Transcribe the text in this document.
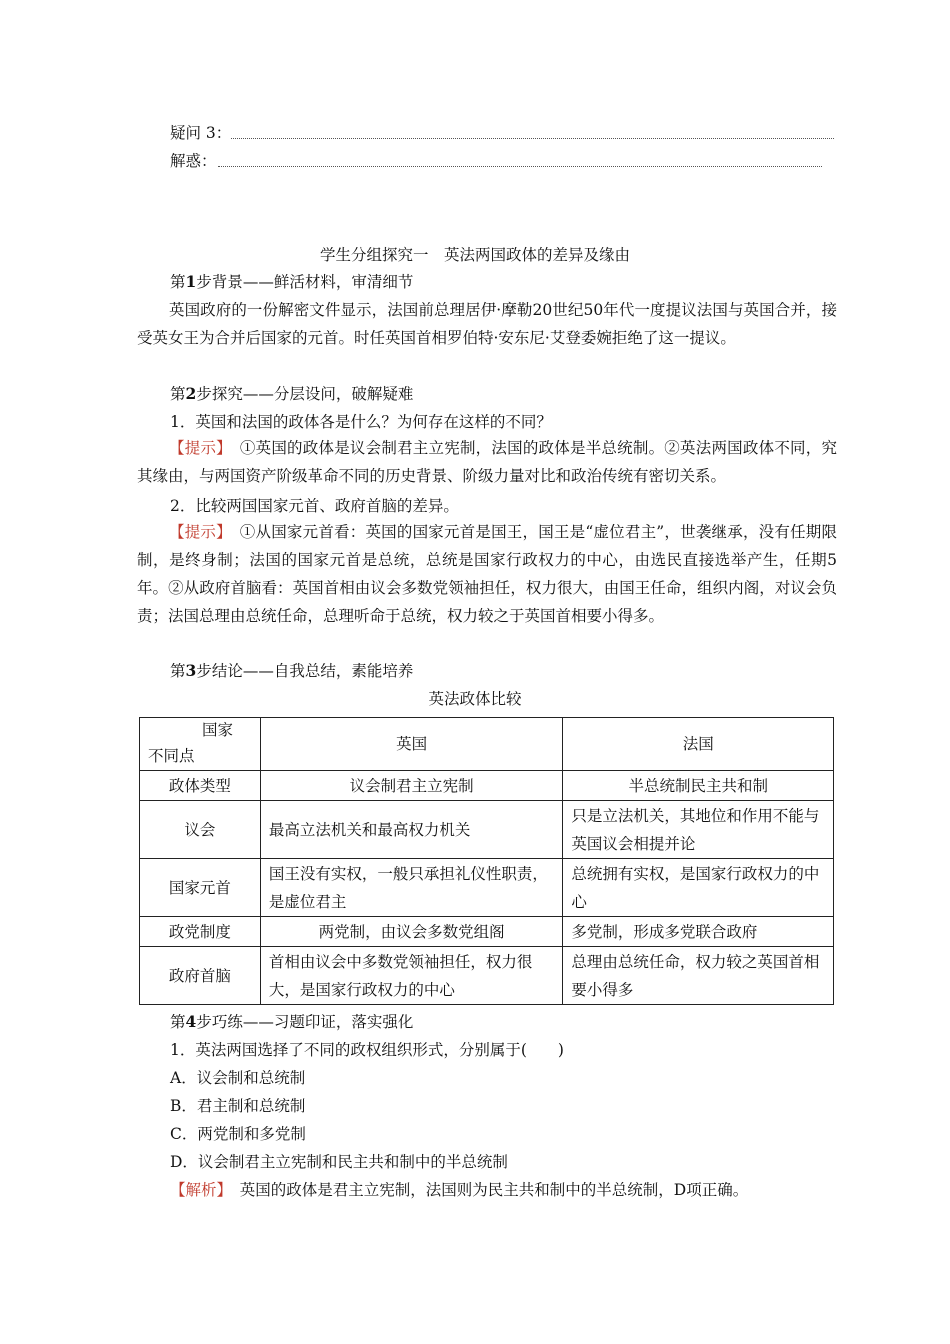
疑问 3：
解惑：
学生分组探究一　英法两国政体的差异及缘由
第1步背景——鲜活材料，审清细节
英国政府的一份解密文件显示，法国前总理居伊·摩勒20世纪50年代一度提议法国与英国合并，接受英女王为合并后国家的元首。时任英国首相罗伯特·安东尼·艾登委婉拒绝了这一提议。
第2步探究——分层设问，破解疑难
1．英国和法国的政体各是什么？为何存在这样的不同？
【提示】　 ①英国的政体是议会制君主立宪制，法国的政体是半总统制。②英法两国政体不同，究其缘由，与两国资产阶级革命不同的历史背景、阶级力量对比和政治传统有密切关系。
2．比较两国国家元首、政府首脑的差异。
【提示】　 ①从国家元首看：英国的国家元首是国王，国王是“虚位君主”，世袭继承，没有任期限制，是终身制；法国的国家元首是总统，总统是国家行政权力的中心，由选民直接选举产生，任期5年。②从政府首脑看：英国首相由议会多数党领袖担任，权力很大，由国王任命，组织内阁，对议会负责；法国总理由总统任命，总理听命于总统，权力较之于英国首相要小得多。
第3步结论——自我总结，素能培养
英法政体比较
国家
不同点	英国	法国
政体类型	议会制君主立宪制	半总统制民主共和制
议会	最高立法机关和最高权力机关	只是立法机关，其地位和作用不能与英国议会相提并论
国家元首	国王没有实权，一般只承担礼仪性职责，是虚位君主	总统拥有实权，是国家行政权力的中心
政党制度	两党制，由议会多数党组阁	多党制，形成多党联合政府
政府首脑	首相由议会中多数党领袖担任，权力很大，是国家行政权力的中心	总理由总统任命，权力较之英国首相要小得多
第4步巧练——习题印证，落实强化
1．英法两国选择了不同的政权组织形式，分别属于(　　)
A．议会制和总统制
B．君主制和总统制
C．两党制和多党制
D．议会制君主立宪制和民主共和制中的半总统制
【解析】　 英国的政体是君主立宪制，法国则为民主共和制中的半总统制，D项正确。
